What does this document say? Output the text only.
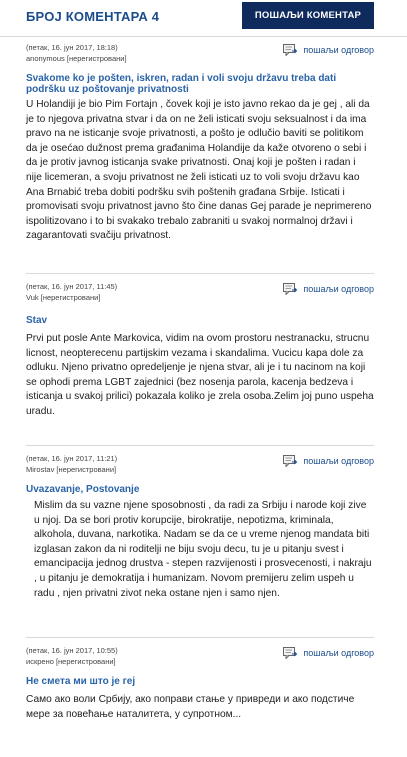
БРОЈ КОМЕНТАРА 4	ПОШАЉИ КОМЕНТАР
(петак, 16. јун 2017, 18:18)
anonymous [нерегистровани]
пошаљи одговор
Svakome ko je pošten, iskren, radan i voli svoju državu treba dati podršku uz poštovanje privatnosti
U Holandiji je bio Pim Fortajn , čovek koji je isto javno rekao da je gej , ali da je to njegova privatna stvar i da on ne želi isticati svoju seksualnost i da ima pravo na ne isticanje svoje privatnosti, a pošto je odlučio baviti se politikom da je osećao dužnost prema građanima Holandije da kaže otvoreno o sebi i da je protiv javnog isticanja svake privatnosti. Onaj koji je pošten i radan i nije licemeran, a svoju privatnost ne želi isticati uz to voli svoju državu kao Ana Brnabić treba dobiti podršku svih poštenih građana Srbije. Isticati i promovisati svoju privatnost javno što čine danas Gej parade je neprimereno ispolitizovano i to bi svakako trebalo zabraniti u svakoj normalnoj državi i zagarantovati svačiju privatnost.
(петак, 16. јун 2017, 11:45)
Vuk [нерегистровани]
пошаљи одговор
Stav
Prvi put posle Ante Markovica, vidim na ovom prostoru nestranacku, strucnu licnost, neopterecenu partijskim vezama i skandalima. Vucicu kapa dole za odluku. Njeno privatno opredeljenje je njena stvar, ali je i tu nacinom na koji se ophodi prema LGBT zajednici (bez nosenja parola, kacenja bedzeva i isticanja u svakoj prilici) pokazala koliko je zrela osoba.Zelim joj puno uspeha uradu.
(петак, 16. јун 2017, 11:21)
Mirostav [нерегистровани]
пошаљи одговор
Uvazavanje, Postovanje
Mislim da su vazne njene sposobnosti , da radi za Srbiju i narode koji zive u njoj. Da se bori protiv korupcije, birokratije, nepotizma, kriminala, alkohola, duvana, narkotika. Nadam se da ce u vreme njenog mandata biti izglasan zakon da ni roditelji ne biju svoju decu, tu je u pitanju svest i emancipacija jednog drustva - stepen razvijenosti i prosvecenosti, i nakraju , u pitanju je demokratija i humanizam. Novom premijeru zelim uspeh u radu , njen privatni zivot neka ostane njen i samo njen.
(петак, 16. јун 2017, 10:55)
искрено [нерегистровани]
пошаљи одговор
Не смета ми што је геј
Само ако воли Србију, ако поправи стање у привреди и ако подстиче мере за повећање наталитета, у супротном...
